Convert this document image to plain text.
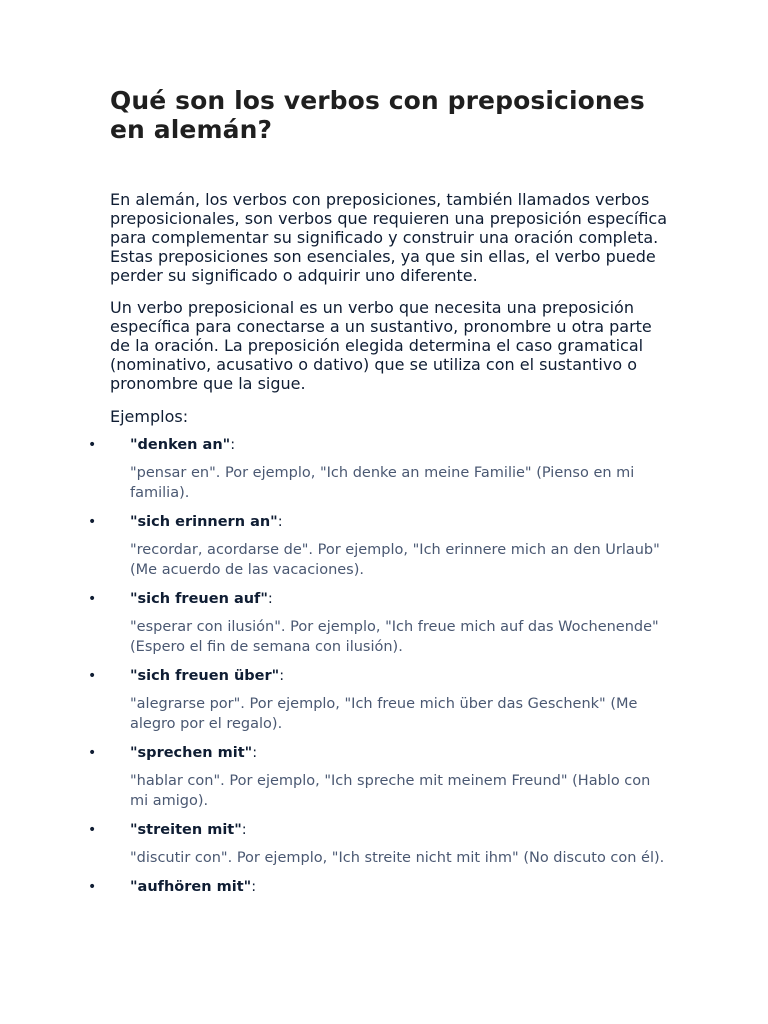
Qué son los verbos con preposiciones en alemán?

En alemán, los verbos con preposiciones, también llamados verbos preposicionales, son verbos que requieren una preposición específica para complementar su significado y construir una oración completa. Estas preposiciones son esenciales, ya que sin ellas, el verbo puede perder su significado o adquirir uno diferente.

Un verbo preposicional es un verbo que necesita una preposición específica para conectarse a un sustantivo, pronombre u otra parte de la oración. La preposición elegida determina el caso gramatical (nominativo, acusativo o dativo) que se utiliza con el sustantivo o pronombre que la sigue.

Ejemplos:

• "denken an":
"pensar en". Por ejemplo, "Ich denke an meine Familie" (Pienso en mi familia).
• "sich erinnern an":
"recordar, acordarse de". Por ejemplo, "Ich erinnere mich an den Urlaub" (Me acuerdo de las vacaciones).
• "sich freuen auf":
"esperar con ilusión". Por ejemplo, "Ich freue mich auf das Wochenende" (Espero el fin de semana con ilusión).
• "sich freuen über":
"alegrarse por". Por ejemplo, "Ich freue mich über das Geschenk" (Me alegro por el regalo).
• "sprechen mit":
"hablar con". Por ejemplo, "Ich spreche mit meinem Freund" (Hablo con mi amigo).
• "streiten mit":
"discutir con". Por ejemplo, "Ich streite nicht mit ihm" (No discuto con él).
• "aufhören mit":
